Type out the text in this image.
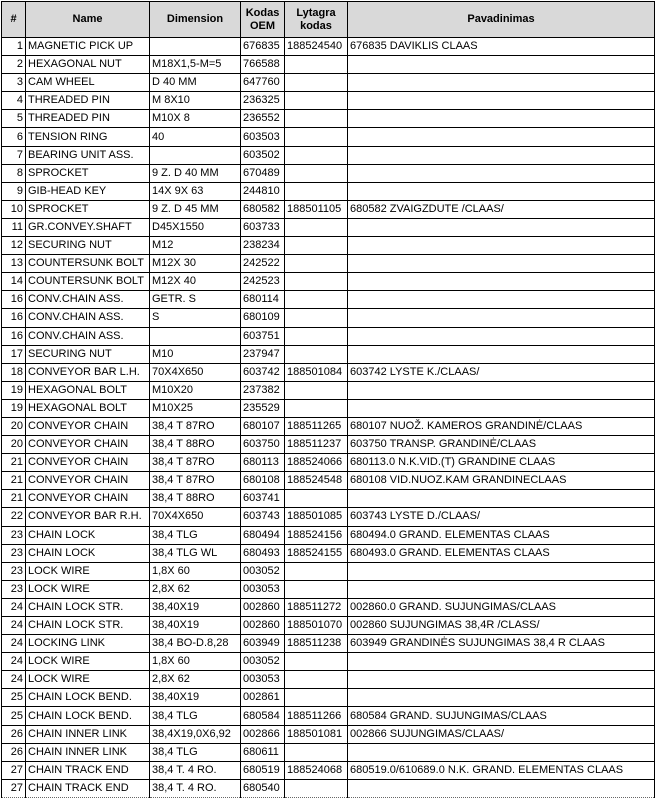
#	Name	Dimension	Kodas OEM	Lytagra kodas	Pavadinimas
1	MAGNETIC PICK UP		676835	188524540	676835 DAVIKLIS CLAAS
2	HEXAGONAL NUT	M18X1,5-M=5	766588		
3	CAM WHEEL	D 40 MM	647760		
4	THREADED PIN	M 8X10	236325		
5	THREADED PIN	M10X 8	236552		
6	TENSION RING	40	603503		
7	BEARING UNIT ASS.		603502		
8	SPROCKET	9 Z. D 40 MM	670489		
9	GIB-HEAD KEY	14X 9X 63	244810		
10	SPROCKET	9 Z. D 45 MM	680582	188501105	680582 ZVAIGZDUTE /CLAAS/
11	GR.CONVEY.SHAFT	D45X1550	603733		
12	SECURING NUT	M12	238234		
13	COUNTERSUNK BOLT	M12X 30	242522		
14	COUNTERSUNK BOLT	M12X 40	242523		
16	CONV.CHAIN ASS.	GETR. S	680114		
16	CONV.CHAIN ASS.	S	680109		
16	CONV.CHAIN ASS.		603751		
17	SECURING NUT	M10	237947		
18	CONVEYOR BAR L.H.	70X4X650	603742	188501084	603742 LYSTE K./CLAAS/
19	HEXAGONAL BOLT	M10X20	237382		
19	HEXAGONAL BOLT	M10X25	235529		
20	CONVEYOR CHAIN	38,4 T 87RO	680107	188511265	680107 NUOŽ. KAMEROS GRANDINĖ/CLAAS
20	CONVEYOR CHAIN	38,4 T 88RO	603750	188511237	603750 TRANSP. GRANDINĖ/CLAAS
21	CONVEYOR CHAIN	38,4 T 87RO	680113	188524066	680113.0 N.K.VID.(T) GRANDINE CLAAS
21	CONVEYOR CHAIN	38,4 T 87RO	680108	188524548	680108 VID.NUOZ.KAM GRANDINECLAAS
21	CONVEYOR CHAIN	38,4 T 88RO	603741		
22	CONVEYOR BAR R.H.	70X4X650	603743	188501085	603743 LYSTE D./CLAAS/
23	CHAIN LOCK	38,4 TLG	680494	188524156	680494.0 GRAND. ELEMENTAS CLAAS
23	CHAIN LOCK	38,4 TLG WL	680493	188524155	680493.0 GRAND. ELEMENTAS CLAAS
23	LOCK WIRE	1,8X 60	003052		
23	LOCK WIRE	2,8X 62	003053		
24	CHAIN LOCK STR.	38,40X19	002860	188511272	002860.0 GRAND. SUJUNGIMAS/CLAAS
24	CHAIN LOCK STR.	38,40X19	002860	188501070	002860 SUJUNGIMAS 38,4R /CLASS/
24	LOCKING LINK	38,4 BO-D.8,28	603949	188511238	603949 GRANDINĖS SUJUNGIMAS 38,4 R CLAAS
24	LOCK WIRE	1,8X 60	003052		
24	LOCK WIRE	2,8X 62	003053		
25	CHAIN LOCK BEND.	38,40X19	002861		
25	CHAIN LOCK BEND.	38,4 TLG	680584	188511266	680584 GRAND. SUJUNGIMAS/CLAAS
26	CHAIN INNER LINK	38,4X19,0X6,92	002866	188501081	002866 SUJUNGIMAS/CLAAS/
26	CHAIN INNER LINK	38,4 TLG	680611		
27	CHAIN TRACK END	38,4 T. 4 RO.	680519	188524068	680519.0/610689.0 N.K. GRAND. ELEMENTAS CLAAS
27	CHAIN TRACK END	38,4 T. 4 RO.	680540		
